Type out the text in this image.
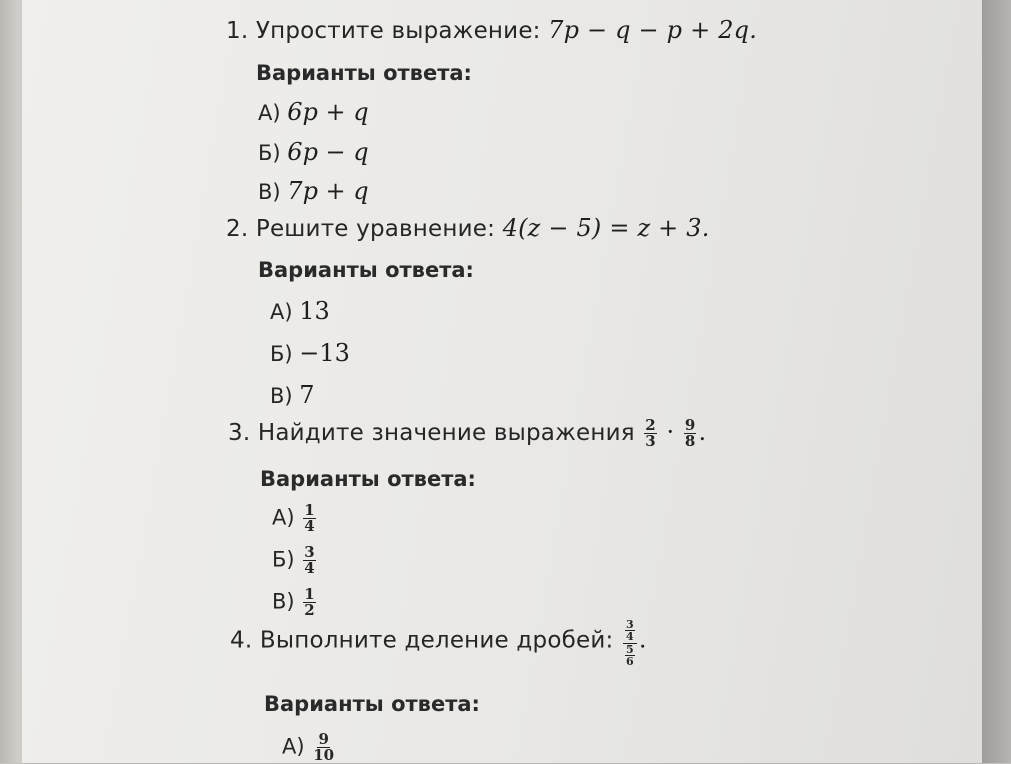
1. Упростите выражение: 7p − q − p + 2q.
Варианты ответа:
А) 6p + q
Б) 6p − q
В) 7p + q
2. Решите уравнение: 4(z − 5) = z + 3.
Варианты ответа:
А) 13
Б) −13
В) 7
3. Найдите значение выражения $\frac{2}{3} \cdot \frac{9}{8}$ .
Варианты ответа:
$А) \frac{1}{4}$
$Б) \frac{3}{4}$
$В) \frac{1}{2}$
4. Выполните деление дробей: $\frac{3}{4}$
$\frac{5}{6}$
.
Варианты ответа:
$А) \frac{9}{10}$
